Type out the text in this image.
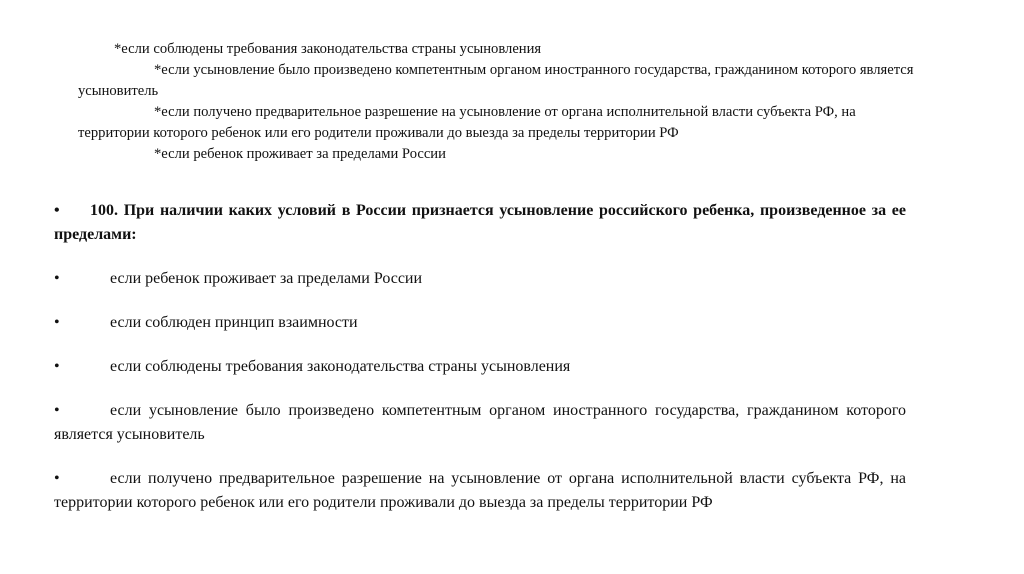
*если соблюдены требования законодательства страны усыновления

*если усыновление было произведено компетентным органом иностранного государства, гражданином которого является усыновитель

*если получено предварительное разрешение на усыновление от органа исполнительной власти субъекта РФ, на территории которого ребенок или его родители проживали до выезда за пределы территории РФ

*если ребенок проживает за пределами России

• 100. При наличии каких условий в России признается усыновление российского ребенка, произведенное за ее пределами:

•	если ребенок проживает за пределами России

•	если соблюден принцип взаимности

•	если соблюдены требования законодательства страны усыновления

•	если усыновление было произведено компетентным органом иностранного государства, гражданином которого является усыновитель

•	если получено предварительное разрешение на усыновление от органа исполнительной власти субъекта РФ, на территории которого ребенок или его родители проживали до выезда за пределы территории РФ
